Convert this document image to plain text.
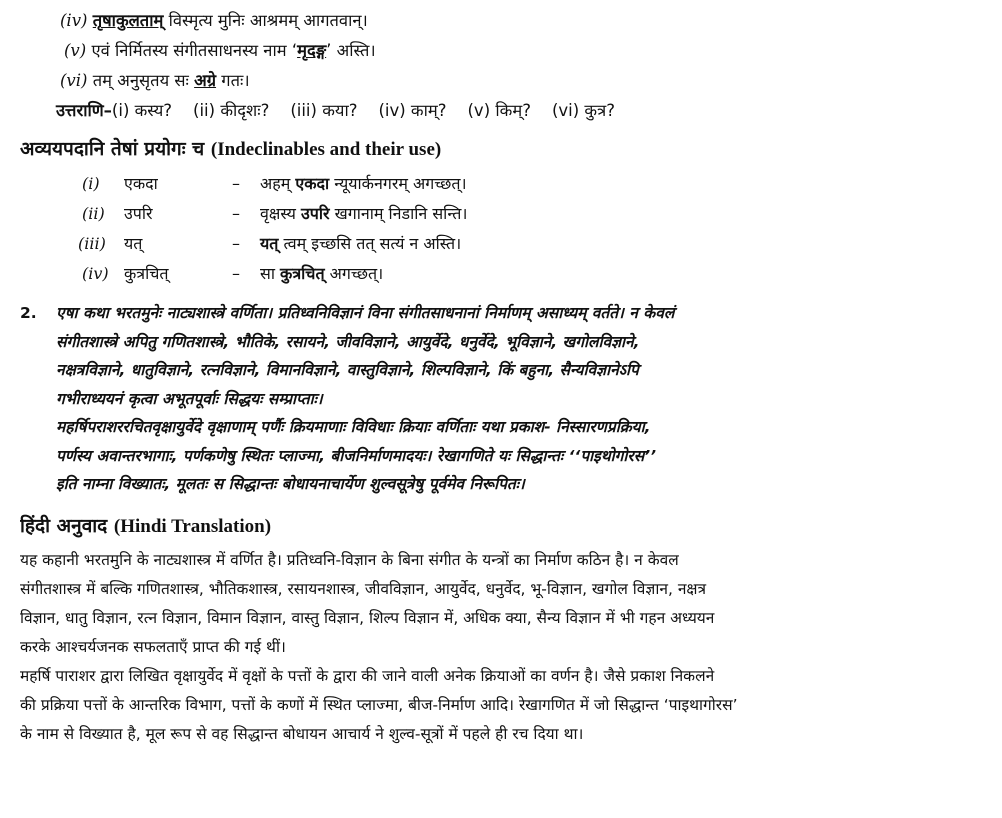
(iv) तृषाकुलताम् विस्मृत्य मुनिः आश्रमम् आगतवान्।
(v) एवं निर्मितस्य संगीतसाधनस्य नाम ‘मृदङ्ग’ अस्ति।
(vi) तम् अनुसृतय सः अग्रे गतः।
उत्तराणि–(i) कस्य? (ii) कीदृशः? (iii) कया? (iv) काम्? (v) किम्? (vi) कुत्र?
अव्ययपदानि तेषां प्रयोगः च (Indeclinables and their use)
(i) एकदा	– अहम् एकदा न्यूयार्कनगरम् अगच्छत्।
(ii) उपरि	– वृक्षस्य उपरि खगानाम् निडानि सन्ति।
(iii) यत्	– यत् त्वम् इच्छसि तत् सत्यं न अस्ति।
(iv) कुत्रचित्	– सा कुत्रचित् अगच्छत्।
2. एषा कथा भरतमुनेः नाट्यशास्त्रे वर्णिता। प्रतिध्वनिविज्ञानं विना संगीतसाधनानां निर्माणम् असाध्यम् वर्तते। न केवलं
संगीतशास्त्रे अपितु गणितशास्त्रे, भौतिके, रसायने, जीवविज्ञाने, आयुर्वेदे, धनुर्वेदे, भूविज्ञाने, खगोलविज्ञाने,
नक्षत्रविज्ञाने, धातुविज्ञाने, रत्नविज्ञाने, विमानविज्ञाने, वास्तुविज्ञाने, शिल्पविज्ञाने, किं बहुना, सैन्यविज्ञानेऽपि
गभीराध्ययनं कृत्वा अभूतपूर्वाः सिद्धयः सम्प्राप्ताः।
महर्षिपराशररचितवृक्षायुर्वेदे वृक्षाणाम् पर्णैः क्रियमाणाः विविधाः क्रियाः वर्णिताः यथा प्रकाश- निस्सारणप्रक्रिया,
पर्णस्य अवान्तरभागाः, पर्णकणेषु स्थितः प्लाज्मा, बीजनिर्माणमादयः। रेखागणिते यः सिद्धान्तः ‘‘पाइथोगोरस’’
इति नाम्ना विख्यातः, मूलतः स सिद्धान्तः बोधायनाचार्येण शुल्वसूत्रेषु पूर्वमेव निरूपितः।
हिंदी अनुवाद (Hindi Translation)
यह कहानी भरतमुनि के नाट्यशास्त्र में वर्णित है। प्रतिध्वनि-विज्ञान के बिना संगीत के यन्त्रों का निर्माण कठिन है। न केवल
संगीतशास्त्र में बल्कि गणितशास्त्र, भौतिकशास्त्र, रसायनशास्त्र, जीवविज्ञान, आयुर्वेद, धनुर्वेद, भू-विज्ञान, खगोल विज्ञान, नक्षत्र
विज्ञान, धातु विज्ञान, रत्न विज्ञान, विमान विज्ञान, वास्तु विज्ञान, शिल्प विज्ञान में, अधिक क्या, सैन्य विज्ञान में भी गहन अध्ययन
करके आश्चर्यजनक सफलताएँ प्राप्त की गई थीं।
महर्षि पाराशर द्वारा लिखित वृक्षायुर्वेद में वृक्षों के पत्तों के द्वारा की जाने वाली अनेक क्रियाओं का वर्णन है। जैसे प्रकाश निकलने
की प्रक्रिया पत्तों के आन्तरिक विभाग, पत्तों के कणों में स्थित प्लाज्मा, बीज-निर्माण आदि। रेखागणित में जो सिद्धान्त ‘पाइथागोरस’
के नाम से विख्यात है, मूल रूप से वह सिद्धान्त बोधायन आचार्य ने शुल्व-सूत्रों में पहले ही रच दिया था।
